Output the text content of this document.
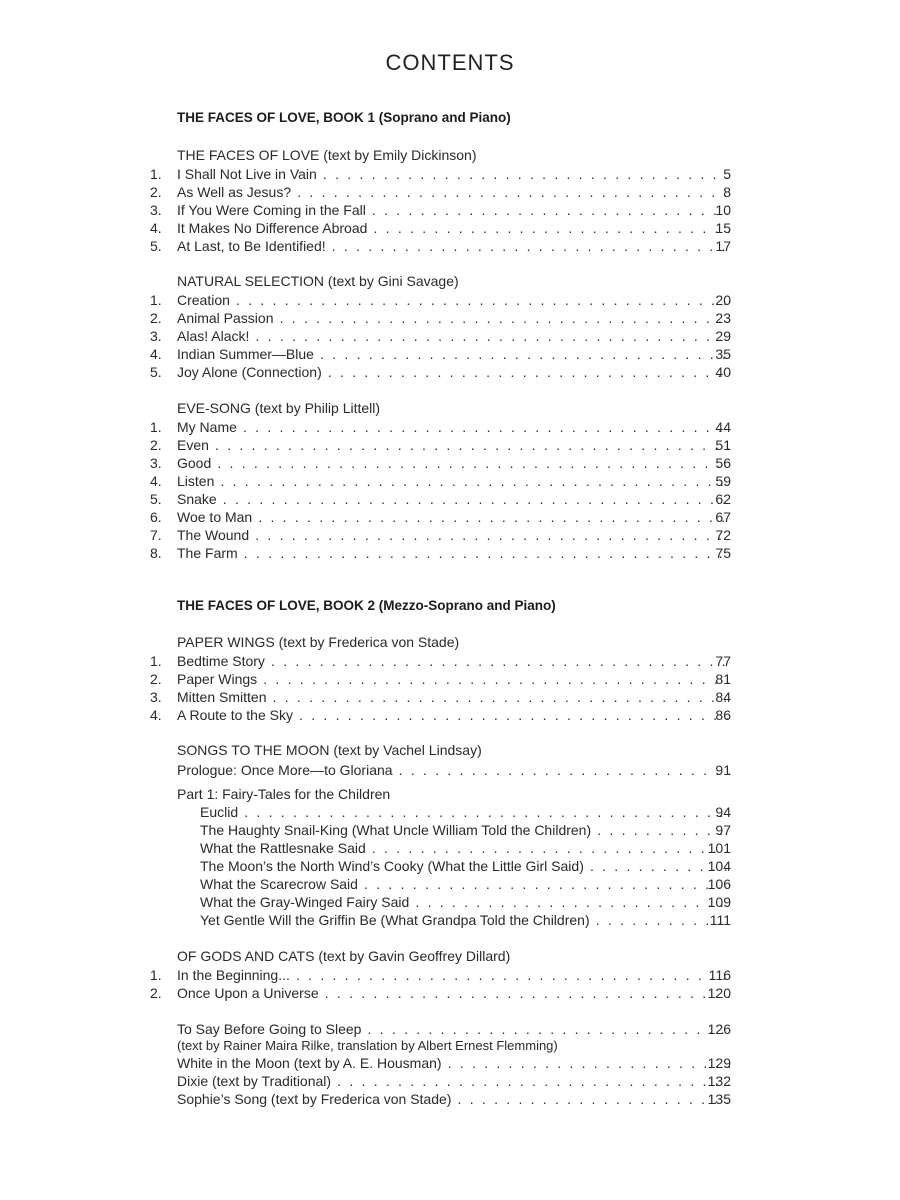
CONTENTS
THE FACES OF LOVE, BOOK 1 (Soprano and Piano)
THE FACES OF LOVE (text by Emily Dickinson)
1.	I Shall Not Live in Vain . . .	5
2.	As Well as Jesus? . . .	8
3.	If You Were Coming in the Fall . . .	10
4.	It Makes No Difference Abroad . . .	15
5.	At Last, to Be Identified! . . .	17
NATURAL SELECTION (text by Gini Savage)
1.	Creation . . .	20
2.	Animal Passion . . .	23
3.	Alas! Alack! . . .	29
4.	Indian Summer—Blue . . .	35
5.	Joy Alone (Connection) . . .	40
EVE-SONG (text by Philip Littell)
1.	My Name . . .	44
2.	Even . . .	51
3.	Good . . .	56
4.	Listen . . .	59
5.	Snake . . .	62
6.	Woe to Man . . .	67
7.	The Wound . . .	72
8.	The Farm . . .	75
THE FACES OF LOVE, BOOK 2 (Mezzo-Soprano and Piano)
PAPER WINGS (text by Frederica von Stade)
1.	Bedtime Story . . .	77
2.	Paper Wings . . .	81
3.	Mitten Smitten . . .	84
4.	A Route to the Sky . . .	86
SONGS TO THE MOON (text by Vachel Lindsay)
Prologue: Once More—to Gloriana . . .	91
Part 1: Fairy-Tales for the Children
Euclid . . .	94
The Haughty Snail-King (What Uncle William Told the Children) . . .	97
What the Rattlesnake Said . . .	101
The Moon’s the North Wind’s Cooky (What the Little Girl Said) . . .	104
What the Scarecrow Said . . .	106
What the Gray-Winged Fairy Said . . .	109
Yet Gentle Will the Griffin Be (What Grandpa Told the Children) . . .	111
OF GODS AND CATS (text by Gavin Geoffrey Dillard)
1.	In the Beginning... . . .	116
2.	Once Upon a Universe . . .	120
To Say Before Going to Sleep . . .	126
(text by Rainer Maira Rilke, translation by Albert Ernest Flemming)
White in the Moon (text by A. E. Housman) . . .	129
Dixie (text by Traditional) . . .	132
Sophie’s Song (text by Frederica von Stade) . . .	135
